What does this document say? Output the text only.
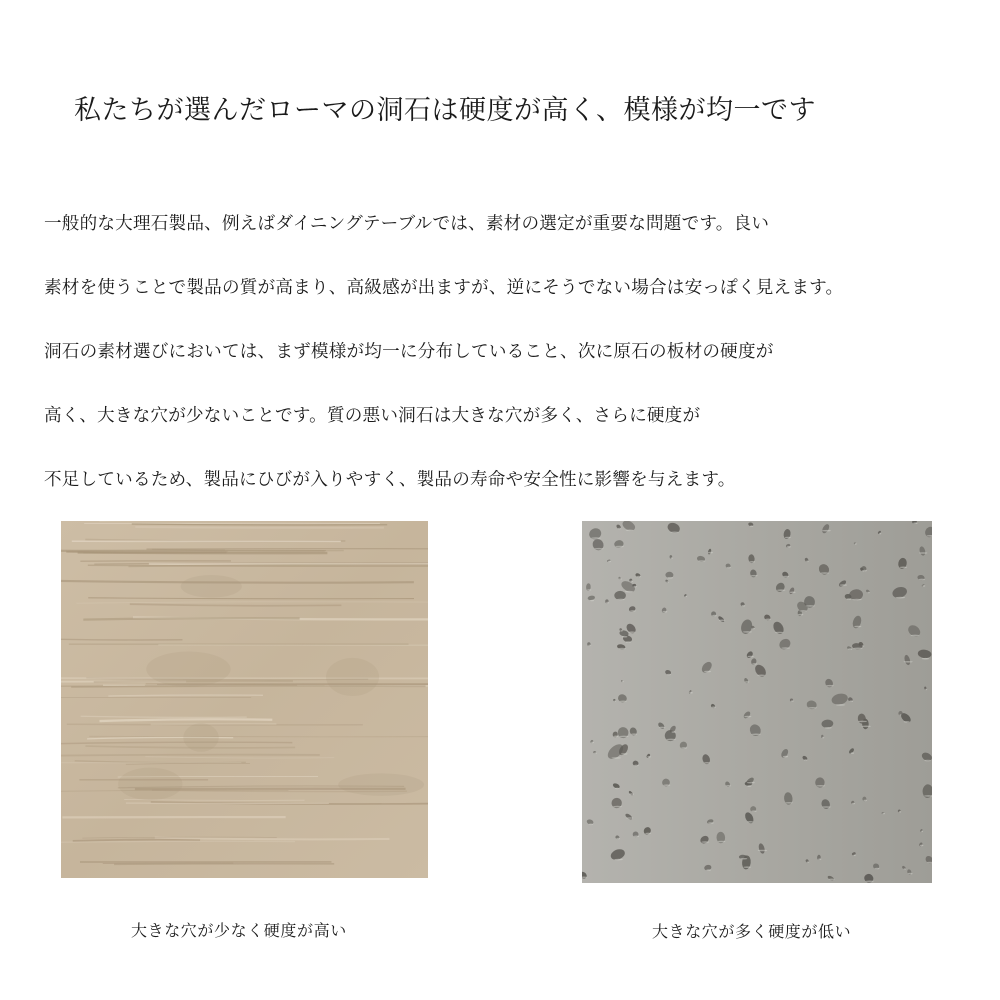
私たちが選んだローマの洞石は硬度が高く、模様が均一です
一般的な大理石製品、例えばダイニングテーブルでは、素材の選定が重要な問題です。良い
素材を使うことで製品の質が高まり、高級感が出ますが、逆にそうでない場合は安っぽく見えます。
洞石の素材選びにおいては、まず模様が均一に分布していること、次に原石の板材の硬度が
高く、大きな穴が少ないことです。質の悪い洞石は大きな穴が多く、さらに硬度が
不足しているため、製品にひびが入りやすく、製品の寿命や安全性に影響を与えます。
大きな穴が少なく硬度が高い	大きな穴が多く硬度が低い
